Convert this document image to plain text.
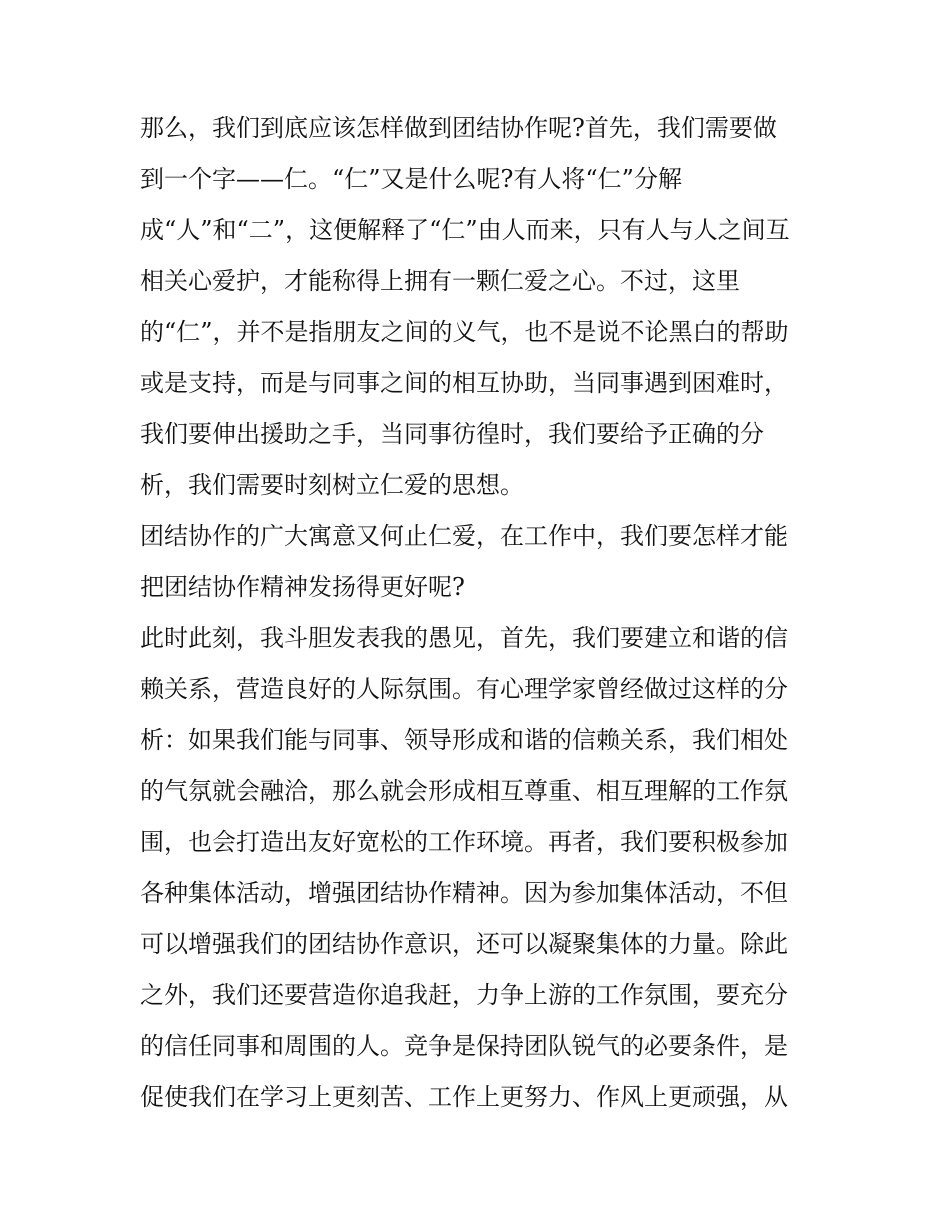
那么，我们到底应该怎样做到团结协作呢?首先，我们需要做
到一个字——仁。“仁”又是什么呢?有人将“仁”分解
成“人”和“二”，这便解释了“仁”由人而来，只有人与人之间互
相关心爱护，才能称得上拥有一颗仁爱之心。不过，这里
的“仁”，并不是指朋友之间的义气，也不是说不论黑白的帮助
或是支持，而是与同事之间的相互协助，当同事遇到困难时，
我们要伸出援助之手，当同事彷徨时，我们要给予正确的分
析，我们需要时刻树立仁爱的思想。
团结协作的广大寓意又何止仁爱，在工作中，我们要怎样才能
把团结协作精神发扬得更好呢?
此时此刻，我斗胆发表我的愚见，首先，我们要建立和谐的信
赖关系，营造良好的人际氛围。有心理学家曾经做过这样的分
析：如果我们能与同事、领导形成和谐的信赖关系，我们相处
的气氛就会融洽，那么就会形成相互尊重、相互理解的工作氛
围，也会打造出友好宽松的工作环境。再者，我们要积极参加
各种集体活动，增强团结协作精神。因为参加集体活动，不但
可以增强我们的团结协作意识，还可以凝聚集体的力量。除此
之外，我们还要营造你追我赶，力争上游的工作氛围，要充分
的信任同事和周围的人。竞争是保持团队锐气的必要条件，是
促使我们在学习上更刻苦、工作上更努力、作风上更顽强，从
